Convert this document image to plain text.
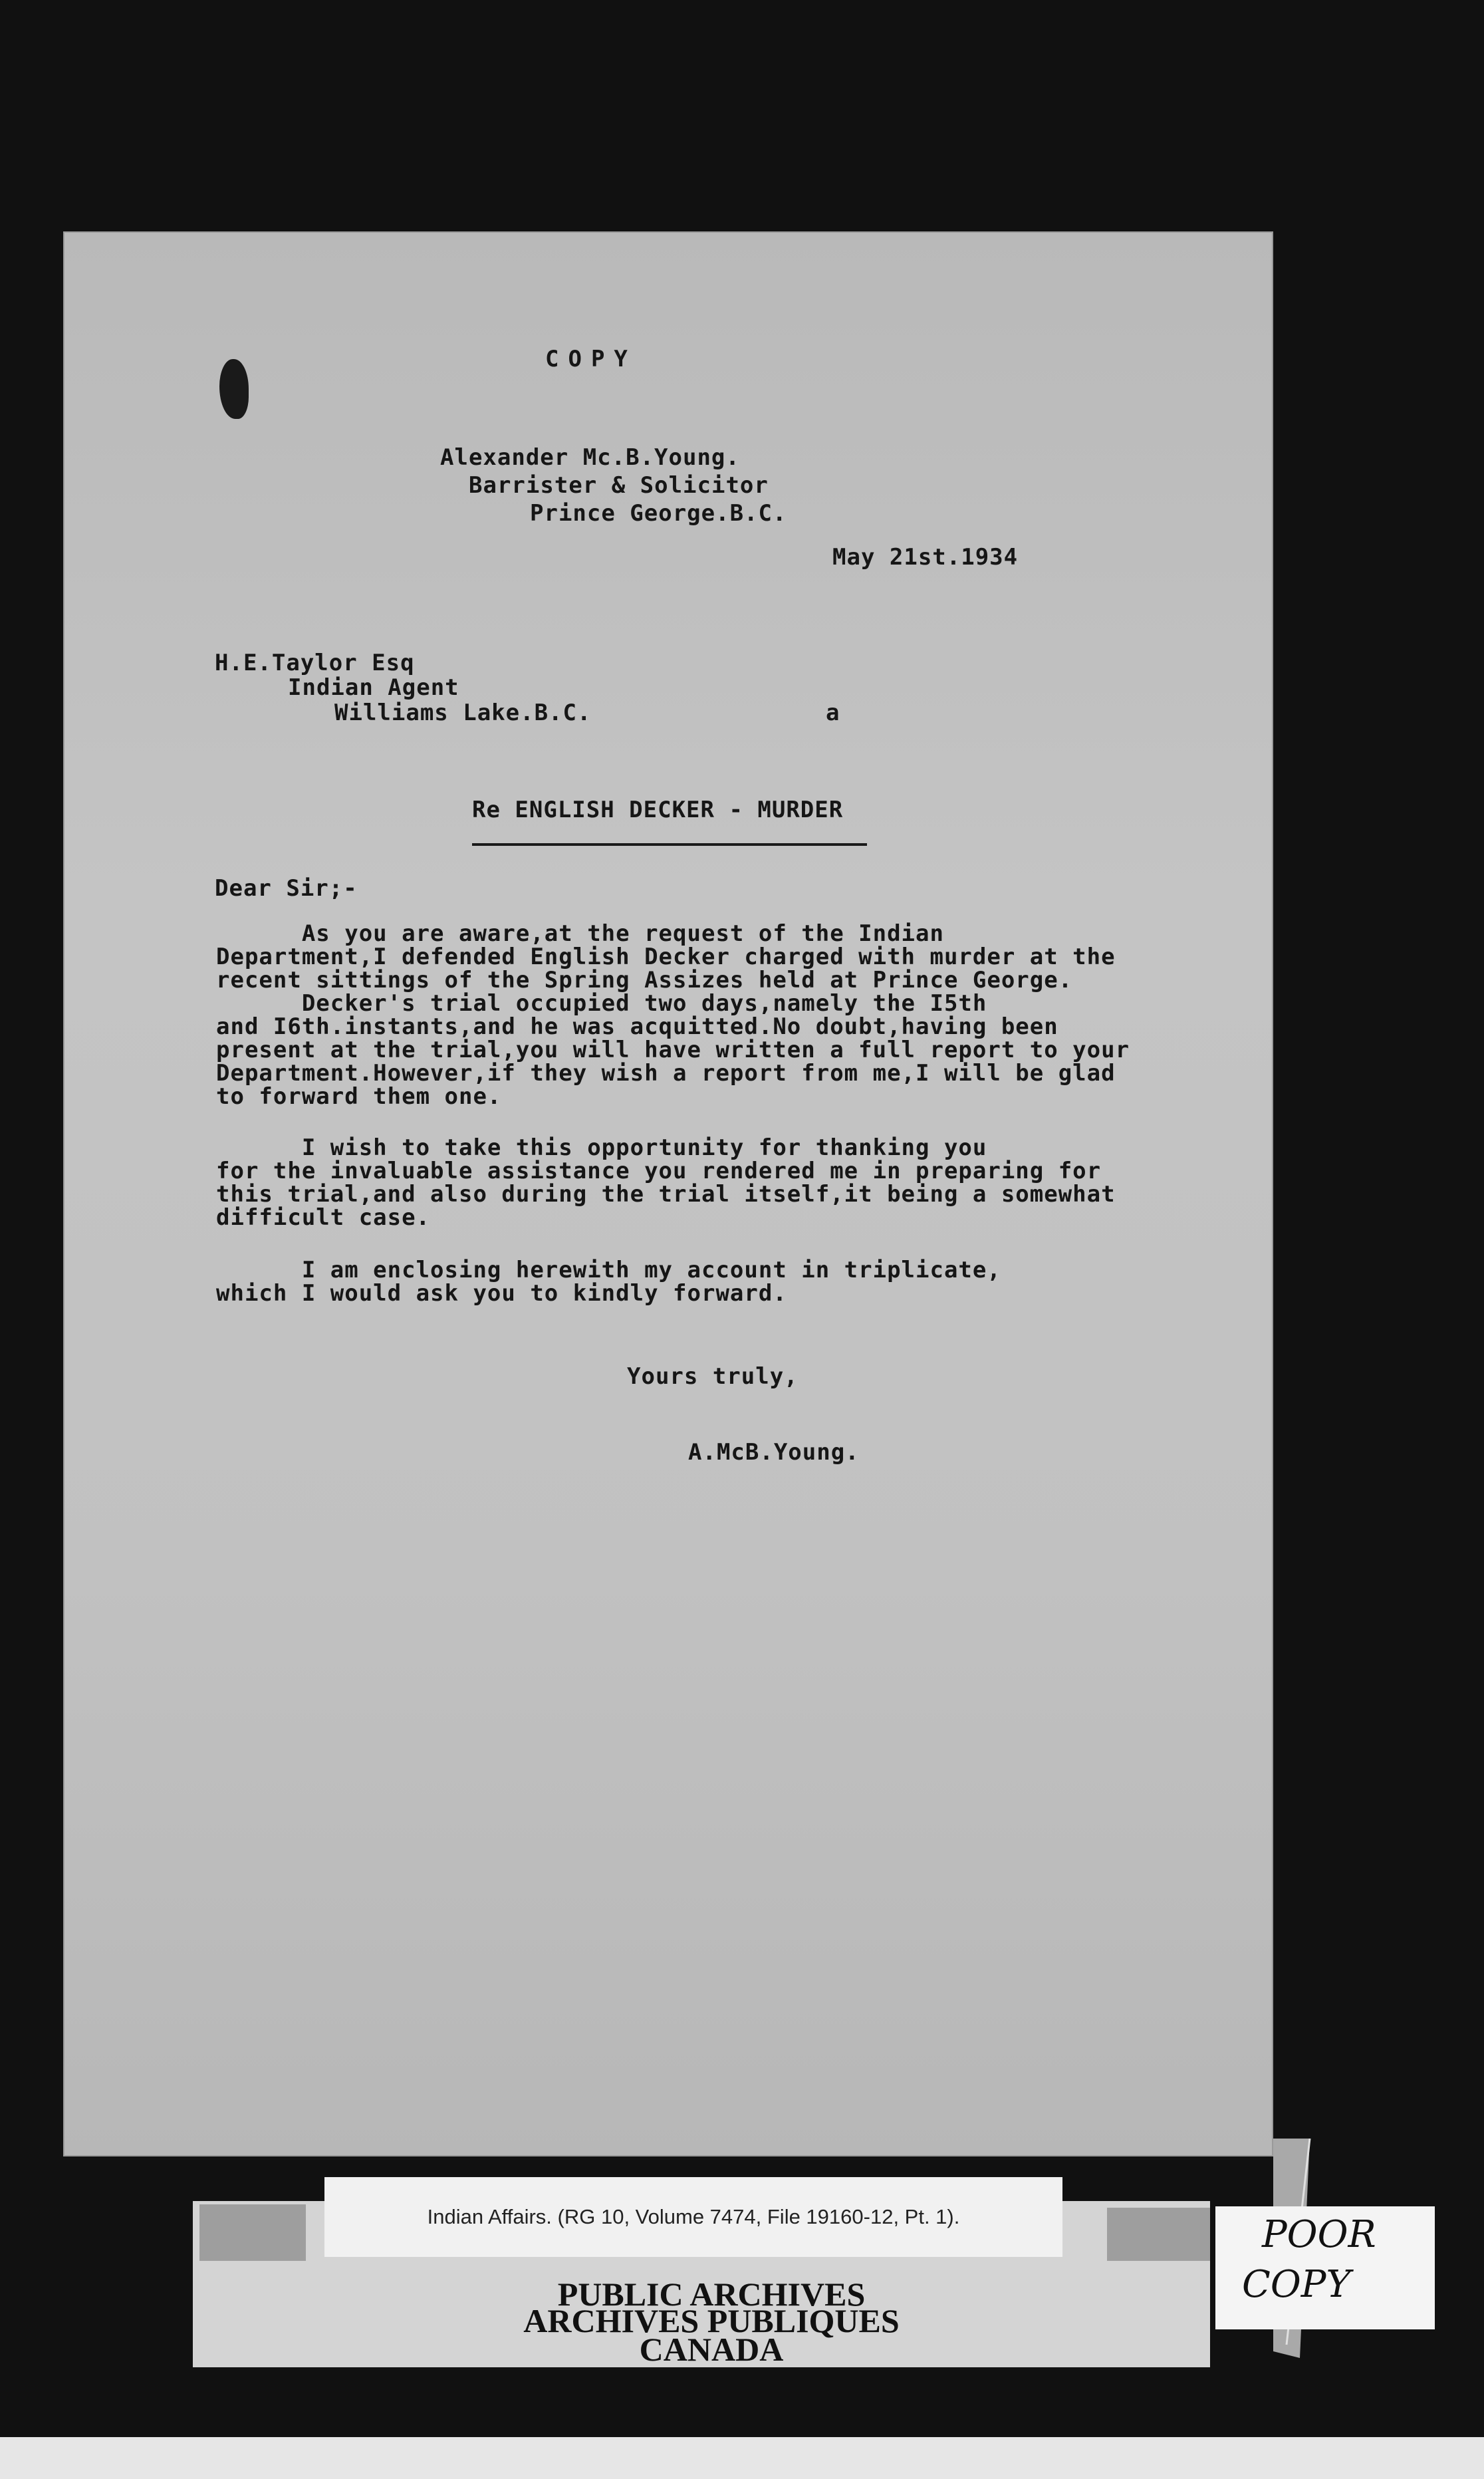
COPY
Alexander Mc.B.Young.
Barrister & Solicitor
Prince George.B.C.
May 21st.1934
H.E.Taylor Esq
Indian Agent
Williams Lake.B.C.	a
Re ENGLISH DECKER - MURDER
Dear Sir;-
As you are aware,at the request of the Indian
Department,I defended English Decker charged with murder at the
recent sittings of the Spring Assizes held at Prince George.
Decker's trial occupied two days,namely the I5th
and I6th.instants,and he was acquitted.No doubt,having been
present at the trial,you will have written a full report to your
Department.However,if they wish a report from me,I will be glad
to forward them one.
I wish to take this opportunity for thanking you
for the invaluable assistance you rendered me in preparing for
this trial,and also during the trial itself,it being a somewhat
difficult case.
I am enclosing herewith my account in triplicate,
which I would ask you to kindly forward.
Yours truly,
A.McB.Young.
Indian Affairs. (RG 10, Volume 7474, File 19160-12, Pt. 1).
PUBLIC ARCHIVES
ARCHIVES PUBLIQUES
CANADA
POOR
COPY
